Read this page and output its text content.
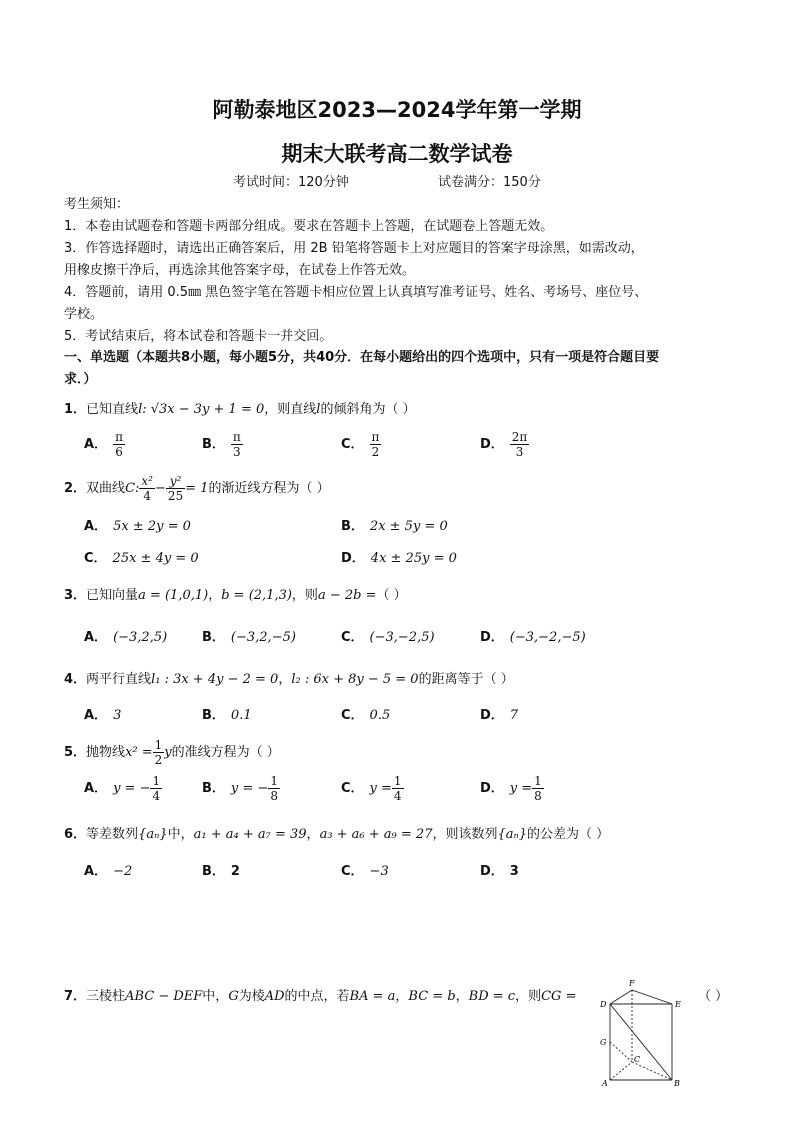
阿勒泰地区2023—2024学年第一学期
期末大联考高二数学试卷
考试时间：120分钟	试卷满分：150分
考生须知：
1．本卷由试题卷和答题卡两部分组成。要求在答题卡上答题，在试题卷上答题无效。
3．作答选择题时，请选出正确答案后，用 2B 铅笔将答题卡上对应题目的答案字母涂黑，如需改动，
用橡皮擦干净后，再选涂其他答案字母，在试卷上作答无效。
4．答题前，请用 0.5㎜ 黑色签字笔在答题卡相应位置上认真填写准考证号、姓名、考场号、座位号、
学校。
5．考试结束后，将本试卷和答题卡一并交回。
一、单选题（本题共8小题，每小题5分，共40分．在每小题给出的四个选项中，只有一项是符合题目要
求．）
1．已知直线l: √3x − 3y + 1 = 0，则直线l的倾斜角为（ ）
A． $\frac{\pi}{6}$	B． $\frac{\pi}{3}$	C． $\frac{\pi}{2}$	D． $\frac{2\pi}{3}$
2．双曲线C: $\frac{\text{x²}}{4} - \frac{\text{y²}}{25} = 1$的渐近线方程为（ ）
A． 5x ± 2y = 0	B． 2x ± 5y = 0
C． 25x ± 4y = 0	D． 4x ± 25y = 0
3．已知向量a = (1,0,1)，b = (2,1,3)，则a − 2b =（ ）
A． (−3,2,5)	B． (−3,2,−5)	C． (−3,−2,5)	D． (−3,−2,−5)
4．两平行直线l₁ : 3x + 4y − 2 = 0，l₂ : 6x + 8y − 5 = 0的距离等于（ ）
A． 3	B． 0.1	C． 0.5	D． 7
5．抛物线$x^2 = \frac{1}{2}$ y的准线方程为（ ）
A． y = − $\frac{1}{4}$	B． y = − $\frac{1}{8}$	C． $y = \frac{1}{4}$	D． $y = \frac{1}{8}$
6．等差数列{aₙ}中，a₁ + a₄ + a₇ = 39，a₃ + a₆ + a₉ = 27，则该数列{aₙ}的公差为（ ）
A． −2	B． 2	C． −3	D． 3
7．三棱柱ABC − DEF中，G为棱AD的中点，若BA = a，BC = b，BD = c，则CG =	（ ）
F
D	E
G
C
A	B
